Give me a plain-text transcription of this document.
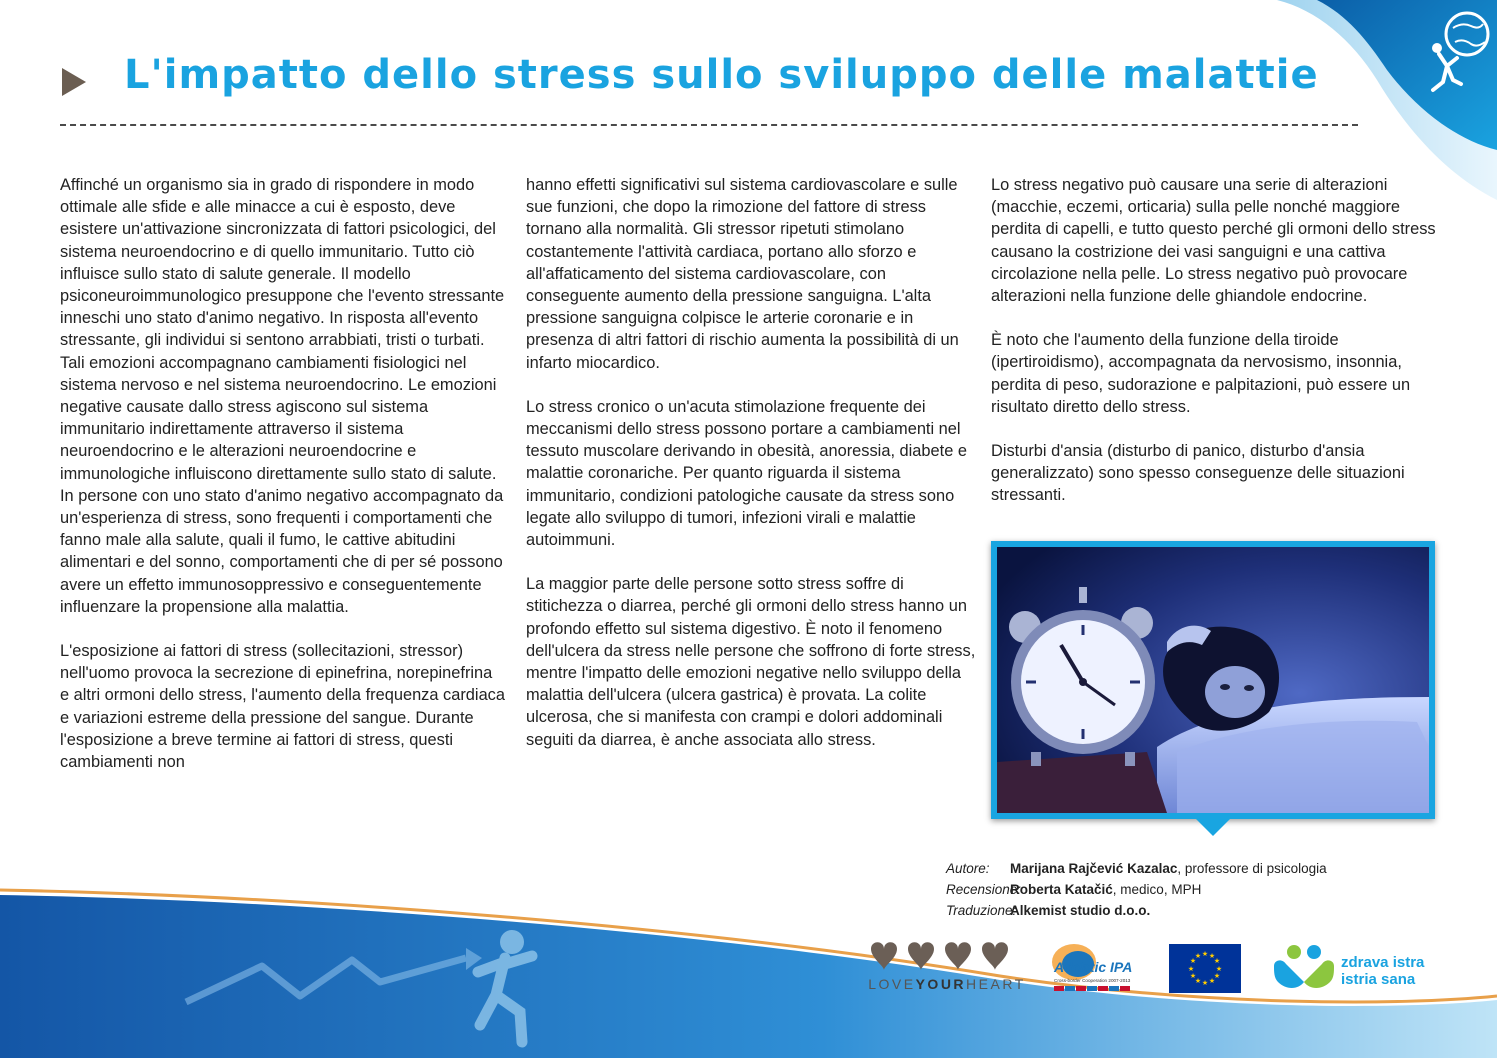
L'impatto dello stress sullo sviluppo delle malattie

Affinché un organismo sia in grado di rispondere in modo ottimale alle sfide e alle minacce a cui è esposto, deve esistere un'attivazione sincronizzata di fattori psicologici, del sistema neuroendocrino e di quello immunitario. Tutto ciò influisce sullo stato di salute generale. Il modello psiconeuroimmunologico presuppone che l'evento stressante inneschi uno stato d'animo negativo. In risposta all'evento stressante, gli individui si sentono arrabbiati, tristi o turbati. Tali emozioni accompagnano cambiamenti fisiologici nel sistema nervoso e nel sistema neuroendocrino. Le emozioni negative causate dallo stress agiscono sul sistema immunitario indirettamente attraverso il sistema neuroendocrino e le alterazioni neuroendocrine e immunologiche influiscono direttamente sullo stato di salute. In persone con uno stato d'animo negativo accompagnato da un'esperienza di stress, sono frequenti i comportamenti che fanno male alla salute, quali il fumo, le cattive abitudini alimentari e del sonno, comportamenti che di per sé possono avere un effetto immunosoppressivo e conseguentemente influenzare la propensione alla malattia.

L'esposizione ai fattori di stress (sollecitazioni, stressor) nell'uomo provoca la secrezione di epinefrina, norepinefrina e altri ormoni dello stress, l'aumento della frequenza cardiaca e variazioni estreme della pressione del sangue. Durante l'esposizione a breve termine ai fattori di stress, questi cambiamenti non

hanno effetti significativi sul sistema cardiovascolare e sulle sue funzioni, che dopo la rimozione del fattore di stress tornano alla normalità. Gli stressor ripetuti stimolano costantemente l'attività cardiaca, portano allo sforzo e all'affaticamento del sistema cardiovascolare, con conseguente aumento della pressione sanguigna. L'alta pressione sanguigna colpisce le arterie coronarie e in presenza di altri fattori di rischio aumenta la possibilità di un infarto miocardico.

Lo stress cronico o un'acuta stimolazione frequente dei meccanismi dello stress possono portare a cambiamenti nel tessuto muscolare derivando in obesità, anoressia, diabete e malattie coronariche. Per quanto riguarda il sistema immunitario, condizioni patologiche causate da stress sono legate allo sviluppo di tumori, infezioni virali e malattie autoimmuni.

La maggior parte delle persone sotto stress soffre di stitichezza o diarrea, perché gli ormoni dello stress hanno un profondo effetto sul sistema digestivo. È noto il fenomeno dell'ulcera da stress nelle persone che soffrono di forte stress, mentre l'impatto delle emozioni negative nello sviluppo della malattia dell'ulcera (ulcera gastrica) è provata. La colite ulcerosa, che si manifesta con crampi e dolori addominali seguiti da diarrea, è anche associata allo stress.

Lo stress negativo può causare una serie di alterazioni (macchie, eczemi, orticaria) sulla pelle nonché maggiore perdita di capelli, e tutto questo perché gli ormoni dello stress causano la costrizione dei vasi sanguigni e una cattiva circolazione nella pelle. Lo stress negativo può provocare alterazioni nella funzione delle ghiandole endocrine.

È noto che l'aumento della funzione della tiroide (ipertiroidismo), accompagnata da nervosismo, insonnia, perdita di peso, sudorazione e palpitazioni, può essere un risultato diretto dello stress.

Disturbi d'ansia (disturbo di panico, disturbo d'ansia generalizzato) sono spesso conseguenze delle situazioni stressanti.

Autore: Marijana Rajčević Kazalac, professore di psicologia
Recensione:Roberta Katačić, medico, MPH
Traduzione:Alkemist studio d.o.o.
LOVEYOURHEART
Adriatic IPA
Cross-border Cooperation 2007-2013
★ ★
★
★
★
★
★
★
★
★
★
★	zdrava istra
istria sana
